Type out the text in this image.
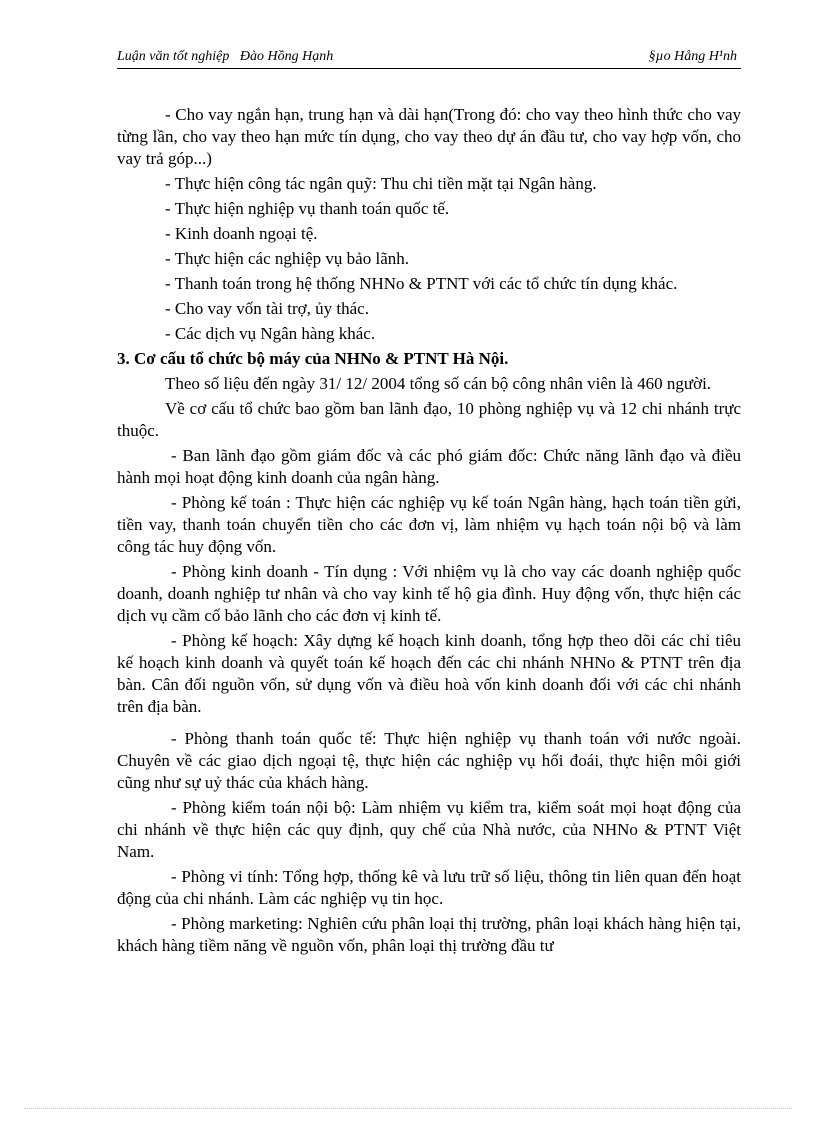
Luận văn tốt nghiệp   Đào Hồng Hạnh	§µo Hång H¹nh

- Cho vay ngắn hạn, trung hạn và dài hạn(Trong đó: cho vay theo hình thức cho vay từng lần, cho vay theo hạn mức tín dụng, cho vay theo dự án đầu tư, cho vay hợp vốn, cho vay trả góp...)

- Thực hiện công tác ngân quỹ: Thu chi tiền mặt tại Ngân hàng.

- Thực hiện nghiệp vụ thanh toán quốc tế.

- Kinh doanh ngoại tệ.

- Thực hiện các nghiệp vụ bảo lãnh.

- Thanh toán trong hệ thống NHNo & PTNT với các tổ chức tín dụng khác.

- Cho vay vốn tài trợ, ủy thác.

- Các dịch vụ Ngân hàng khác.

3. Cơ cấu tổ chức bộ máy của NHNo & PTNT Hà Nội.

Theo số liệu đến ngày 31/ 12/ 2004 tổng số cán bộ công nhân viên là 460 người.

Về cơ cấu tổ chức bao gồm ban lãnh đạo, 10 phòng nghiệp vụ và 12 chi nhánh trực thuộc.

- Ban lãnh đạo gồm giám đốc và các phó giám đốc: Chức năng lãnh đạo và điều hành mọi hoạt động kinh doanh của ngân hàng.

- Phòng kế toán : Thực hiện các nghiệp vụ kế toán Ngân hàng, hạch toán tiền gửi, tiền vay, thanh toán chuyển tiền cho các đơn vị, làm nhiệm vụ hạch toán nội bộ và làm công tác huy động vốn.

- Phòng kinh doanh - Tín dụng : Với nhiệm vụ là cho vay các doanh nghiệp quốc doanh, doanh nghiệp tư nhân và cho vay kinh tế hộ gia đình. Huy động vốn, thực hiện các dịch vụ cầm cố bảo lãnh cho các đơn vị kinh tế.

- Phòng kế hoạch: Xây dựng kế hoạch kinh doanh, tổng hợp theo dõi các chỉ tiêu kế hoạch kinh doanh và quyết toán kế hoạch đến các chi nhánh NHNo & PTNT trên địa bàn. Cân đối nguồn vốn, sử dụng vốn và điều hoà vốn kinh doanh đối với các chi nhánh trên địa bàn.

- Phòng thanh toán quốc tế: Thực hiện nghiệp vụ thanh toán với nước ngoài. Chuyên về các giao dịch ngoại tệ, thực hiện các nghiệp vụ hối đoái, thực hiện môi giới cũng như sự uỷ thác của khách hàng.

- Phòng kiểm toán nội bộ: Làm nhiệm vụ kiểm tra, kiểm soát mọi hoạt động của chi nhánh về thực hiện các quy định, quy chế của Nhà nước, của NHNo & PTNT Việt Nam.

- Phòng vi tính: Tổng hợp, thống kê và lưu trữ số liệu, thông tin liên quan đến hoạt động của chi nhánh. Làm các nghiệp vụ tin học.

- Phòng marketing: Nghiên cứu phân loại thị trường, phân loại khách hàng hiện tại, khách hàng tiềm năng về nguồn vốn, phân loại thị trường đầu tư
